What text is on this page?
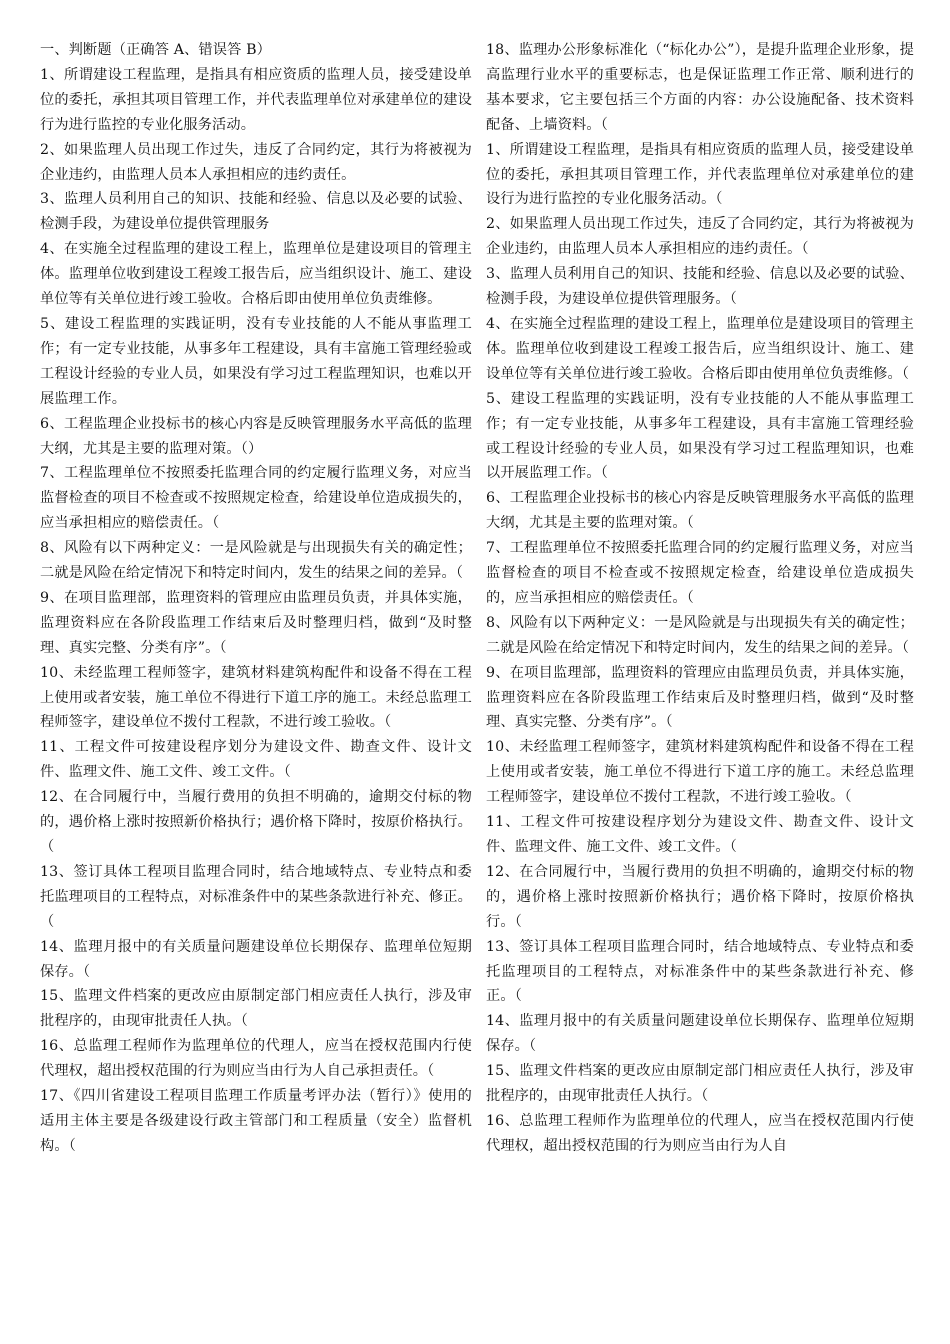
一、判断题（正确答 A、错误答 B）

1、所谓建设工程监理，是指具有相应资质的监理人员，接受建设单位的委托，承担其项目管理工作，并代表监理单位对承建单位的建设行为进行监控的专业化服务活动。

2、如果监理人员出现工作过失，违反了合同约定，其行为将被视为企业违约，由监理人员本人承担相应的违约责任。

3、监理人员利用自己的知识、技能和经验、信息以及必要的试验、检测手段，为建设单位提供管理服务

4、在实施全过程监理的建设工程上，监理单位是建设项目的管理主体。监理单位收到建设工程竣工报告后，应当组织设计、施工、建设单位等有关单位进行竣工验收。合格后即由使用单位负责维修。

5、建设工程监理的实践证明，没有专业技能的人不能从事监理工作；有一定专业技能，从事多年工程建设，具有丰富施工管理经验或工程设计经验的专业人员，如果没有学习过工程监理知识，也难以开展监理工作。

6、工程监理企业投标书的核心内容是反映管理服务水平高低的监理大纲，尤其是主要的监理对策。（）

7、工程监理单位不按照委托监理合同的约定履行监理义务，对应当监督检查的项目不检查或不按照规定检查，给建设单位造成损失的，应当承担相应的赔偿责任。（

8、风险有以下两种定义：一是风险就是与出现损失有关的确定性；二就是风险在给定情况下和特定时间内，发生的结果之间的差异。（

9、在项目监理部，监理资料的管理应由监理员负责，并具体实施，监理资料应在各阶段监理工作结束后及时整理归档，做到“及时整理、真实完整、分类有序”。（

10、未经监理工程师签字，建筑材料建筑构配件和设备不得在工程上使用或者安装，施工单位不得进行下道工序的施工。未经总监理工程师签字，建设单位不拨付工程款，不进行竣工验收。（

11、工程文件可按建设程序划分为建设文件、勘查文件、设计文件、监理文件、施工文件、竣工文件。（

12、在合同履行中，当履行费用的负担不明确的，逾期交付标的物的，遇价格上涨时按照新价格执行；遇价格下降时，按原价格执行。（

13、签订具体工程项目监理合同时，结合地域特点、专业特点和委托监理项目的工程特点，对标准条件中的某些条款进行补充、修正。（

14、监理月报中的有关质量问题建设单位长期保存、监理单位短期保存。（

15、监理文件档案的更改应由原制定部门相应责任人执行，涉及审批程序的，由现审批责任人执。（

16、总监理工程师作为监理单位的代理人，应当在授权范围内行使代理权，超出授权范围的行为则应当由行为人自己承担责任。（

17、《四川省建设工程项目监理工作质量考评办法（暂行）》使用的适用主体主要是各级建设行政主管部门和工程质量（安全）监督机构。（

18、监理办公形象标准化（“标化办公”），是提升监理企业形象，提高监理行业水平的重要标志，也是保证监理工作正常、顺利进行的基本要求，它主要包括三个方面的内容：办公设施配备、技术资料配备、上墙资料。（

1、所谓建设工程监理，是指具有相应资质的监理人员，接受建设单位的委托，承担其项目管理工作，并代表监理单位对承建单位的建设行为进行监控的专业化服务活动。（

2、如果监理人员出现工作过失，违反了合同约定，其行为将被视为企业违约，由监理人员本人承担相应的违约责任。（

3、监理人员利用自己的知识、技能和经验、信息以及必要的试验、检测手段，为建设单位提供管理服务。（

4、在实施全过程监理的建设工程上，监理单位是建设项目的管理主体。监理单位收到建设工程竣工报告后，应当组织设计、施工、建设单位等有关单位进行竣工验收。合格后即由使用单位负责维修。（

5、建设工程监理的实践证明，没有专业技能的人不能从事监理工作；有一定专业技能，从事多年工程建设，具有丰富施工管理经验或工程设计经验的专业人员，如果没有学习过工程监理知识，也难以开展监理工作。（

6、工程监理企业投标书的核心内容是反映管理服务水平高低的监理大纲，尤其是主要的监理对策。（

7、工程监理单位不按照委托监理合同的约定履行监理义务，对应当监督检查的项目不检查或不按照规定检查，给建设单位造成损失的，应当承担相应的赔偿责任。（

8、风险有以下两种定义：一是风险就是与出现损失有关的确定性；二就是风险在给定情况下和特定时间内，发生的结果之间的差异。（

9、在项目监理部，监理资料的管理应由监理员负责，并具体实施，监理资料应在各阶段监理工作结束后及时整理归档，做到“及时整理、真实完整、分类有序”。（

10、未经监理工程师签字，建筑材料建筑构配件和设备不得在工程上使用或者安装，施工单位不得进行下道工序的施工。未经总监理工程师签字，建设单位不拨付工程款，不进行竣工验收。（

11、工程文件可按建设程序划分为建设文件、勘查文件、设计文件、监理文件、施工文件、竣工文件。（

12、在合同履行中，当履行费用的负担不明确的，逾期交付标的物的，遇价格上涨时按照新价格执行；遇价格下降时，按原价格执行。（

13、签订具体工程项目监理合同时，结合地域特点、专业特点和委托监理项目的工程特点，对标准条件中的某些条款进行补充、修正。（

14、监理月报中的有关质量问题建设单位长期保存、监理单位短期保存。（

15、监理文件档案的更改应由原制定部门相应责任人执行，涉及审批程序的，由现审批责任人执行。（

16、总监理工程师作为监理单位的代理人，应当在授权范围内行使代理权，超出授权范围的行为则应当由行为人自
